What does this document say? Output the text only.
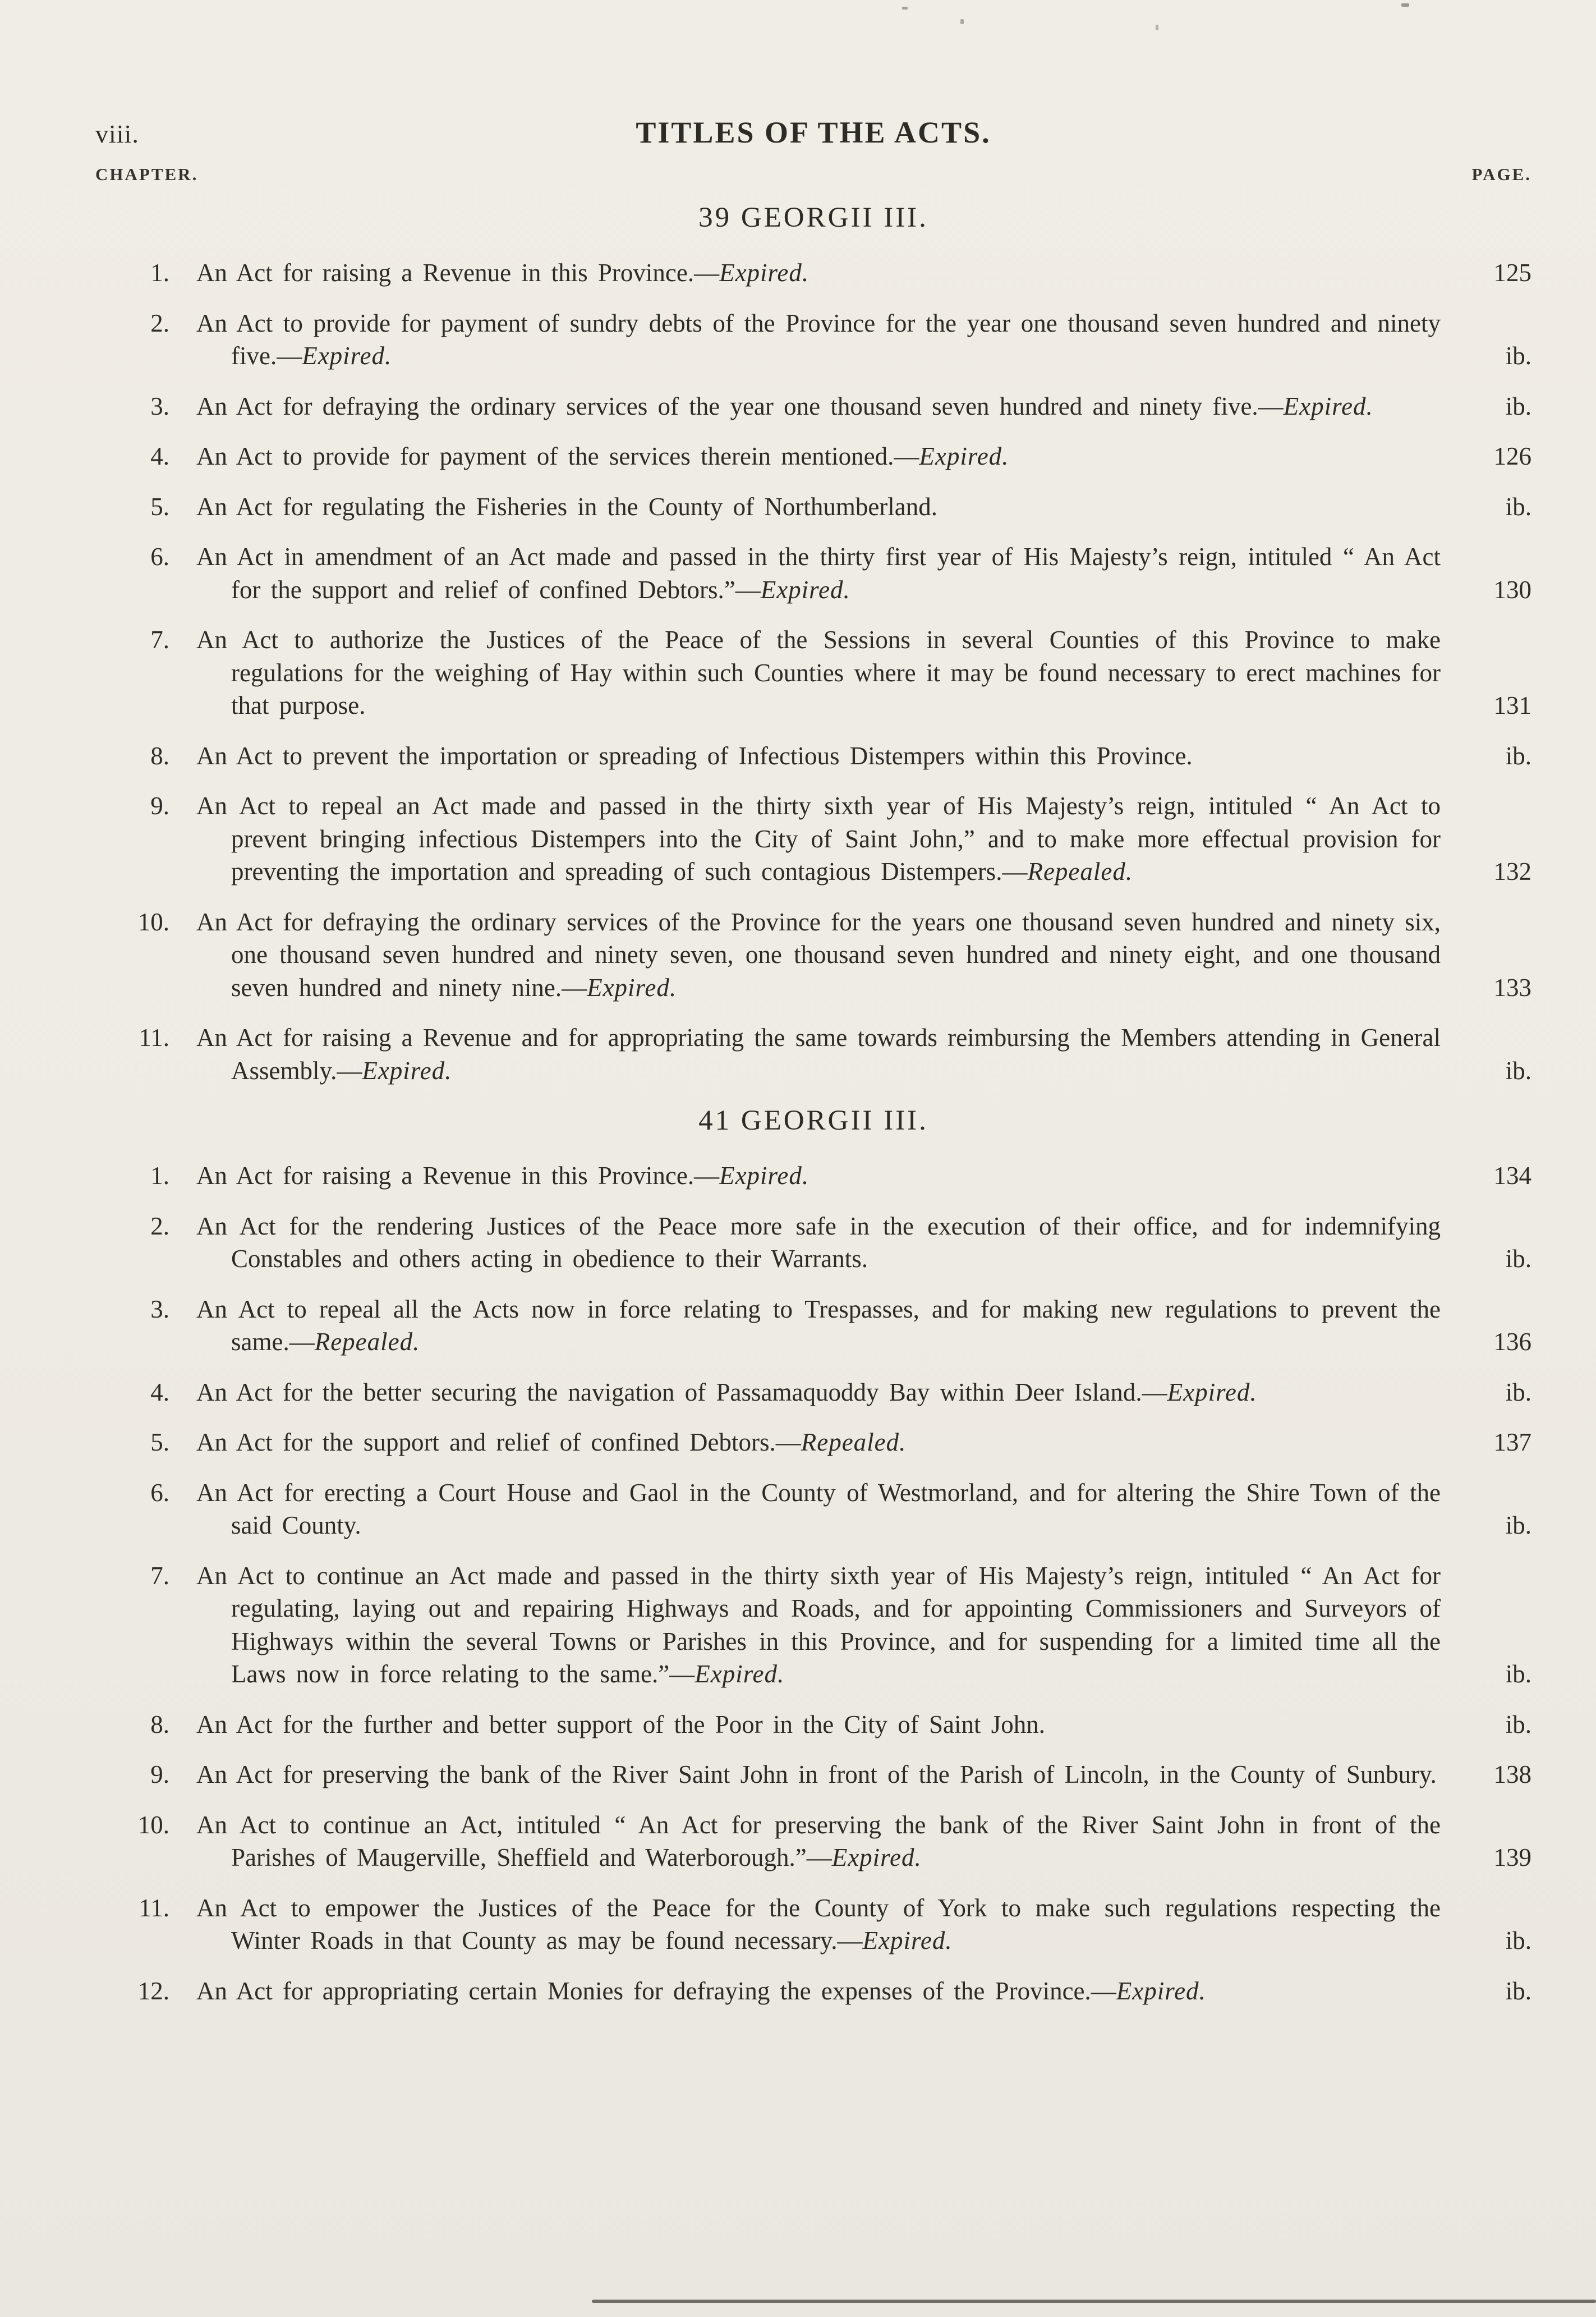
viii.	TITLES OF THE ACTS.
CHAPTER.	PAGE.
39 GEORGII III.
1.	An Act for raising a Revenue in this Province.—Expired.	125
2.	An Act to provide for payment of sundry debts of the Province for the year one thousand seven hundred and ninety five.—Expired.	ib.
3.	An Act for defraying the ordinary services of the year one thousand seven hundred and ninety five.—Expired.	ib.
4.	An Act to provide for payment of the services therein mentioned.—Expired.	126
5.	An Act for regulating the Fisheries in the County of Northumberland.	ib.
6.	An Act in amendment of an Act made and passed in the thirty first year of His Majesty’s reign, intituled “ An Act for the support and relief of confined Debtors.”—Expired.	130
7.	An Act to authorize the Justices of the Peace of the Sessions in several Counties of this Province to make regulations for the weighing of Hay within such Counties where it may be found necessary to erect machines for that purpose.	131
8.	An Act to prevent the importation or spreading of Infectious Distempers within this Province.	ib.
9.	An Act to repeal an Act made and passed in the thirty sixth year of His Majesty’s reign, intituled “ An Act to prevent bringing infectious Distempers into the City of Saint John,” and to make more effectual provision for preventing the importation and spreading of such contagious Distempers.—Repealed.	132
10.	An Act for defraying the ordinary services of the Province for the years one thousand seven hundred and ninety six, one thousand seven hundred and ninety seven, one thousand seven hundred and ninety eight, and one thousand seven hundred and ninety nine.—Expired.	133
11.	An Act for raising a Revenue and for appropriating the same towards reimbursing the Members attending in General Assembly.—Expired.	ib.
41 GEORGII III.
1.	An Act for raising a Revenue in this Province.—Expired.	134
2.	An Act for the rendering Justices of the Peace more safe in the execution of their office, and for indemnifying Constables and others acting in obedience to their Warrants.	ib.
3.	An Act to repeal all the Acts now in force relating to Trespasses, and for making new regulations to prevent the same.—Repealed.	136
4.	An Act for the better securing the navigation of Passamaquoddy Bay within Deer Island.—Expired.	ib.
5.	An Act for the support and relief of confined Debtors.—Repealed.	137
6.	An Act for erecting a Court House and Gaol in the County of Westmorland, and for altering the Shire Town of the said County.	ib.
7.	An Act to continue an Act made and passed in the thirty sixth year of His Majesty’s reign, intituled “ An Act for regulating, laying out and repairing Highways and Roads, and for appointing Commissioners and Surveyors of Highways within the several Towns or Parishes in this Province, and for suspending for a limited time all the Laws now in force relating to the same.”—Expired.	ib.
8.	An Act for the further and better support of the Poor in the City of Saint John.	ib.
9.	An Act for preserving the bank of the River Saint John in front of the Parish of Lincoln, in the County of Sunbury.	138
10.	An Act to continue an Act, intituled “ An Act for preserving the bank of the River Saint John in front of the Parishes of Maugerville, Sheffield and Waterborough.”—Expired.	139
11.	An Act to empower the Justices of the Peace for the County of York to make such regulations respecting the Winter Roads in that County as may be found necessary.—Expired.	ib.
12.	An Act for appropriating certain Monies for defraying the expenses of the Province.—Expired.	ib.
